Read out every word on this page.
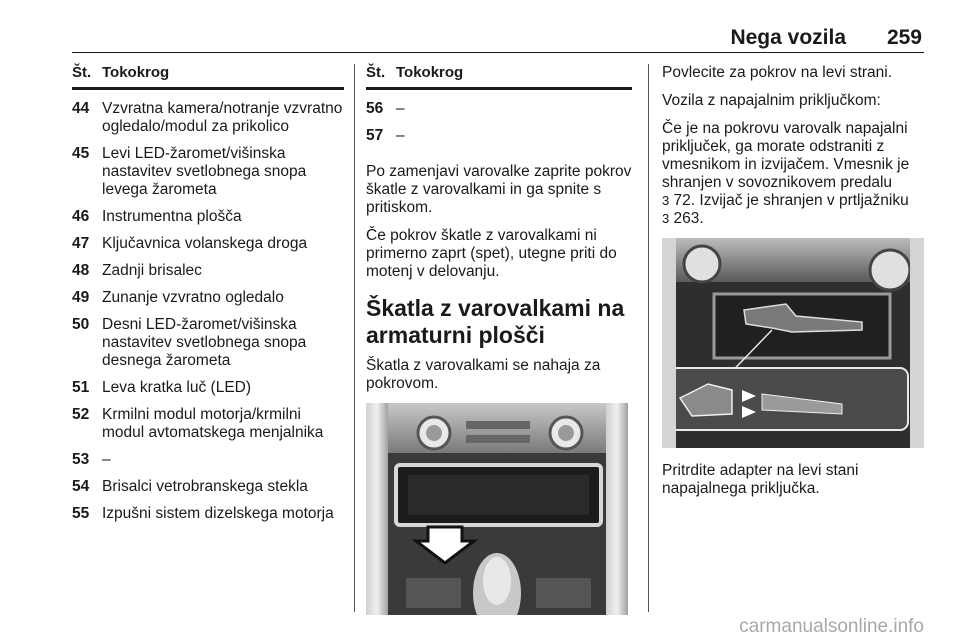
Nega vozila 259
Št. Tokokrog
44 Vzvratna kamera/notranje vzvratno ogledalo/modul za prikolico
45 Levi LED-žaromet/višinska nastavitev svetlobnega snopa levega žarometa
46 Instrumentna plošča
47 Ključavnica volanskega droga
48 Zadnji brisalec
49 Zunanje vzvratno ogledalo
50 Desni LED-žaromet/višinska nastavitev svetlobnega snopa desnega žarometa
51 Leva kratka luč (LED)
52 Krmilni modul motorja/krmilni modul avtomatskega menjalnika
53 –
54 Brisalci vetrobranskega stekla
55 Izpušni sistem dizelskega motorja
Št. Tokokrog
56 –
57 –

Po zamenjavi varovalke zaprite pokrov škatle z varovalkami in ga spnite s pritiskom.

Če pokrov škatle z varovalkami ni primerno zaprt (spet), utegne priti do motenj v delovanju.

Škatla z varovalkami na armaturni plošči

Škatla z varovalkami se nahaja za pokrovom.

Povlecite za pokrov na levi strani.

Vozila z napajalnim priključkom:

Če je na pokrovu varovalk napajalni priključek, ga morate odstraniti z vmesnikom in izvijačem. Vmesnik je shranjen v sovoznikovem predalu
3 72. Izvijač je shranjen v prtljažniku
3 263.

Pritrdite adapter na levi stani napajalnega priključka.

carmanualsonline.info
